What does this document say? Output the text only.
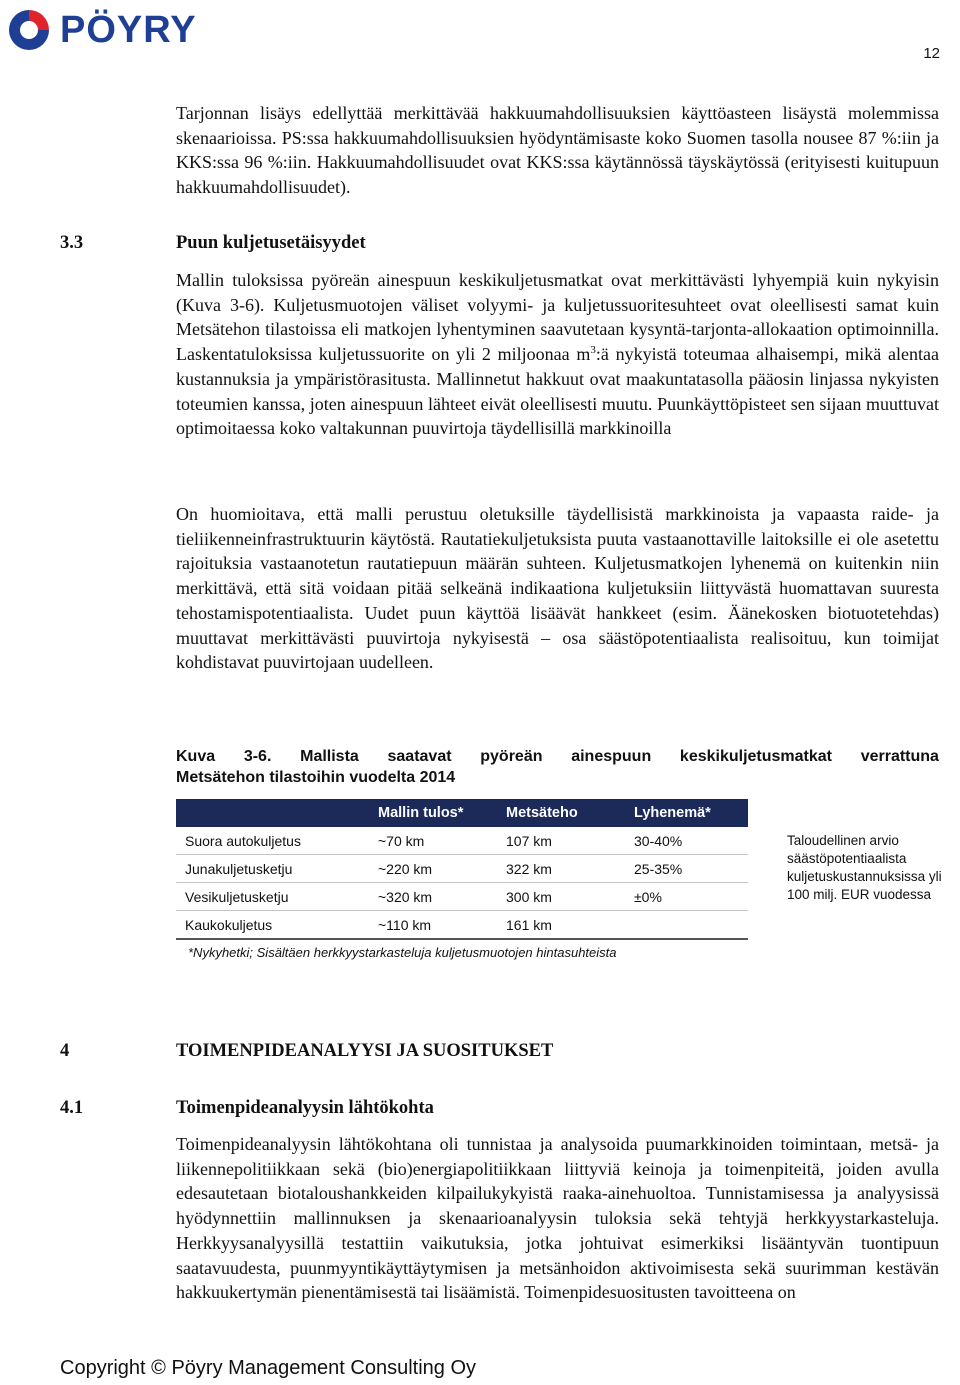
PÖYRY
12

Tarjonnan lisäys edellyttää merkittävää hakkuumahdollisuuksien käyttöasteen lisäystä molemmissa skenaarioissa. PS:ssa hakkuumahdollisuuksien hyödyntämisaste koko Suomen tasolla nousee 87 %:iin ja KKS:ssa 96 %:iin. Hakkuumahdollisuudet ovat KKS:ssa käytännössä täyskäytössä (erityisesti kuitupuun hakkuumahdollisuudet).

3.3	Puun kuljetusetäisyydet

Mallin tuloksissa pyöreän ainespuun keskikuljetusmatkat ovat merkittävästi lyhyempiä kuin nykyisin (Kuva 3-6). Kuljetusmuotojen väliset volyymi- ja kuljetussuoritesuhteet ovat oleellisesti samat kuin Metsätehon tilastoissa eli matkojen lyhentyminen saavutetaan kysyntä-tarjonta-allokaation optimoinnilla. Laskentatuloksissa kuljetussuorite on yli 2 miljoonaa $m^3:ä$ nykyistä toteumaa alhaisempi, mikä alentaa kustannuksia ja ympäristörasitusta. Mallinnetut hakkuut ovat maakuntatasolla pääosin linjassa nykyisten toteumien kanssa, joten ainespuun lähteet eivät oleellisesti muutu. Puunkäyttöpisteet sen sijaan muuttuvat optimoitaessa koko valtakunnan puuvirtoja täydellisillä markkinoilla

On huomioitava, että malli perustuu oletuksille täydellisistä markkinoista ja vapaasta raide- ja tieliikenneinfrastruktuurin käytöstä. Rautatiekuljetuksista puuta vastaanottaville laitoksille ei ole asetettu rajoituksia vastaanotetun rautatiepuun määrän suhteen. Kuljetusmatkojen lyhenemä on kuitenkin niin merkittävä, että sitä voidaan pitää selkeänä indikaationa kuljetuksiin liittyvästä huomattavan suuresta tehostamispotentiaalista. Uudet puun käyttöä lisäävät hankkeet (esim. Äänekosken biotuotetehdas) muuttavat merkittävästi puuvirtoja nykyisestä – osa säästöpotentiaalista realisoituu, kun toimijat kohdistavat puuvirtojaan uudelleen.

Kuva 3-6. Mallista saatavat pyöreän ainespuun keskikuljetusmatkat verrattuna
Metsätehon tilastoihin vuodelta 2014
	Mallin tulos*	Metsäteho	Lyhenemä*
Suora autokuljetus	~70 km	107 km	30-40%
Junakuljetusketju	~220 km	322 km	25-35%
Vesikuljetusketju	~320 km	300 km	±0%
Kaukokuljetus	~110 km	161 km	
Taloudellinen arvio
säästöpotentiaalista
kuljetuskustannuksissa yli
100 milj. EUR vuodessa
*Nykyhetki; Sisältäen herkkyystarkasteluja kuljetusmuotojen hintasuhteista
4	TOIMENPIDEANALYYSI JA SUOSITUKSET
4.1	Toimenpideanalyysin lähtökohta

Toimenpideanalyysin lähtökohtana oli tunnistaa ja analysoida puumarkkinoiden toimintaan, metsä- ja liikennepolitiikkaan sekä (bio)energiapolitiikkaan liittyviä keinoja ja toimenpiteitä, joiden avulla edesautetaan biotaloushankkeiden kilpailukykyistä raaka-ainehuoltoa. Tunnistamisessa ja analyysissä hyödynnettiin mallinnuksen ja skenaarioanalyysin tuloksia sekä tehtyjä herkkyystarkasteluja. Herkkyysanalyysillä testattiin vaikutuksia, jotka johtuivat esimerkiksi lisääntyvän tuontipuun saatavuudesta, puunmyyntikäyttäytymisen ja metsänhoidon aktivoimisesta sekä suurimman kestävän hakkuukertymän pienentämisestä tai lisäämistä. Toimenpidesuositusten tavoitteena on

Copyright © Pöyry Management Consulting Oy
